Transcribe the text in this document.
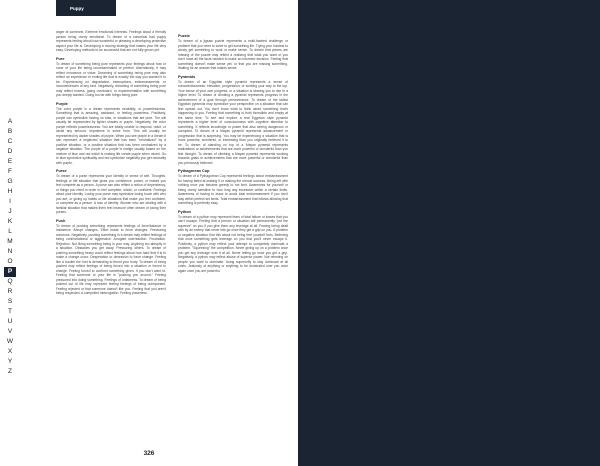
Puppy
A
B
C
D
E
F
G
H
I
J
K
L
M
N
O
P
Q
R
S
T
U
V
W
X
Y
Z

anger at someone. Extreme emotional interests. Feelings about a friendly person being overly emotional. To dream of a canonical bad puppy represents feeling about how wonderful or pleasing a developing protective aspect your life is. Developing a moving strategy that makes your life very easy. Developing methods to be successful that are not fully grown yet.

Pure

To dream of something being pure represents your feelings about how or none of your life being uncontaminated or perfect. Alternatively, it may reflect innocence or virtue. Dreaming of something being pure may also reflect an experience or ending life that is exactly the way you wanted it to be. Experiencing no degradation, interruptions, embarrassments, or inconveniences of any kind. Negatively, dreaming of something being pure may reflect excess, going overboard, or experimentation with something you deeply wanted. Going too far with things being pure.

Purple

The color purple in a dream represents neutrality, or powerlessness. Something that is amazing, awkward, or feeling powerless. Positively, purple can symbolize having no bias, or situations that are pure. The will usually be represented by lighter shades or purple. Negatively, the color purple reflects powerlessness. You are totally unable to respond, react, or derail any amount. Impotence in some form. This will usually be represented by darker shades of purple. When you see purple in a dream it can represent a neglected situation that has been "neutralized" by a positive situation, or a positive situation that has been neutralized by a negative situation. The purple of a purple is malign usually based on the mixture of blue and red which is making life create purple when mixed. Go to blue symbolize spirituality and red symbolize negativity you get neutrality with purple.

Purse

To dream of a purse represents your identity or sense of self. Thoughts, feelings or life situation that gives you confidence, power, or makes you feel complete as a person. A purse can also reflect a notion of dependency, or things you need in order to feel complete, whole, or confident. Feelings about your identity. Losing your purse may symbolize losing touch with who you are, or giving up habits or life situations that make you feel confident, or complete as a person. A loss of identity. Women who are dealing with a familiar situation that makes them feel insecure often dream of losing their purses.

Push

To dream of pushing something represents feelings of force/balance or insistence. Abrupt changes. Effort made to force changes. Pressuring someone. Negatively, pushing something in a dream may reflect feelings of being confrontational or aggressive. Arrogant overreaction. Frustration. Rejection. Not liking something being in your way. Anything too abruptly in a situation. Obstacles you get away. Pressuring others. To dream of pushing something heavy could reflect feelings about how hard that it is to make a change occur. Desperation or obsession to force change. Feeling like a burden the hurt is demanding to thrust your body. To dream of being pushed may reflect feelings of being forced into a situation or forced to change. Feeling forced to confront something given. If you don't want to. Feeling that someone or your life is "pushing you around." Feeling pressured into doing something. Feelings of unfairness. To dream of being pushed out of life may represent feeling feelings of being unimportant. Feeling rejected or that someone doesn't like you. Feeling that you aren't being respected. A compelled interrogation. Feeling powerless.

Puzzle

To dream of a jigsaw puzzle represents a multi-faceted challenge or problem that you need to solve to get something life. Trying your hardest to slowly get something to work or make sense. To dream that pieces are missing of the puzzle may reflect a realizing that what you want or you don't have all the facts needed to make an informed decision. Feeling that something doesn't make sense yet, or that you are missing something. Waiting for an answer that makes sense.

Pyramids

To dream of an Egyptian style pyramid represents a sense of conscientiousness, elevation, progression, or working your way to the top. Your sense of your own progress, or a situation is slowing you to rise to a higher level. To dream of climbing a pyramid represents progress in the achievement of a goal through perseverance. To dream of the tallest Egyptian pyramids may symbolize your perspective on a situation that can feel spread out. You don't know what to think about something that's happening to you. Feeling that something is both incredible and empty at the same time. To see and explore a real Egyptian style pyramid represents a higher level of consciousness with cognitive attention to something. It reflects knowledge or power that also seeing dangerous or corrupted. To dream of a Mayan pyramid represents advancement or progression that is surprising. You may be experiencing a situation that is more powerful, wonderful, or interesting than you originally believed it to be. To dream of standing on top of a Mayan pyramid represents realizations or achievements that are more powerful or wonderful than you first thought. To dream of climbing a Mayan pyramid represents working towards goals or achievements that are more powerful or wonderful than you previously believed.

Pythagorean Cup

To dream of a Pythagorean Cup represents feelings about embarrassment for having failed at making it or making the utmost success. Being left with nothing once you became greedy to not limit. Awareness for yourself or being overly sensitive to how long any excessive within a certain limits. Awareness of having to leave to avoid total embarrassment if you don't stay within perfect set limits. Total embarrassment that follows allowing that something is perfectly easy.

Python

To dream of a python may represent fears of total failure or losses that you can't escape. Feeling that a person or situation will permanently "put the squeeze" on you if you give them any leverage at all. Fearing being dealt with by an enemy that never lets go once they get a grip on you. A problem or negative situation that this about not being free yourself from. Believing that once something gets leverage on you that you'll never escape it. Positively, a python may reflect your attempt to completely dominate a problem. "Squeezing" the competition. Never giving up on a problem once you get any leverage over it at all. Never letting go once you get a grip. Negatively, a python may reflect abuse of superior power. Not relenting on people you want to dominate. Using superiority to stay dominant at all costs. Jealously of anything or anything to be dominated over you once again once you are powerful.

326
